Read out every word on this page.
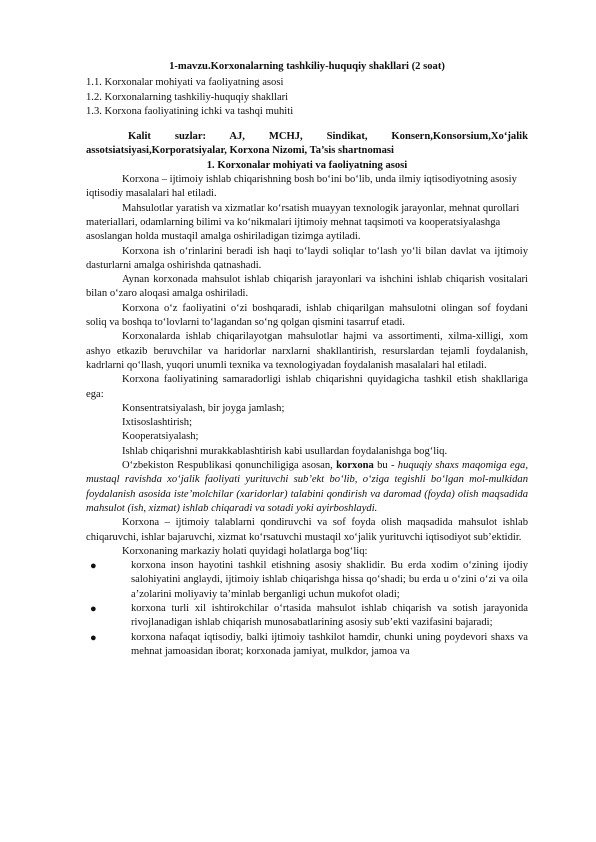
1-mavzu.Korxonalarning tashkiliy-huquqiy shakllari (2 soat)
1.1. Korxonalar mohiyati va faoliyatning asosi
1.2. Korxonalarning tashkiliy-huquqiy shakllari
1.3. Korxona faoliyatining ichki va tashqi muhiti

Kalit suzlar: AJ, MCHJ, Sindikat, Konsern,Konsorsium,Xo‘jalik assotsiatsiyasi,Korporatsiyalar, Korxona Nizomi, Ta’sis shartnomasi

1. Korxonalar mohiyati va faoliyatning asosi

Korxona – ijtimoiy ishlab chiqarishning bosh bo‘ini bo‘lib, unda ilmiy iqtisodiyotning asosiy iqtisodiy masalalari hal etiladi.

Mahsulotlar yaratish va xizmatlar ko‘rsatish muayyan texnologik jarayonlar, mehnat qurollari materiallari, odamlarning bilimi va ko‘nikmalari ijtimoiy mehnat taqsimoti va kooperatsiyalashga asoslangan holda mustaqil amalga oshiriladigan tizimga aytiladi.

Korxona ish o‘rinlarini beradi ish haqi to‘laydi soliqlar to‘lash yo‘li bilan davlat va ijtimoiy dasturlarni amalga oshirishda qatnashadi.

Aynan korxonada mahsulot ishlab chiqarish jarayonlari va ishchini ishlab chiqarish vositalari bilan o‘zaro aloqasi amalga oshiriladi.

Korxona o‘z faoliyatini o‘zi boshqaradi, ishlab chiqarilgan mahsulotni olingan sof foydani soliq va boshqa to‘lovlarni to‘lagandan so‘ng qolgan qismini tasarruf etadi.

Korxonalarda ishlab chiqarilayotgan mahsulotlar hajmi va assortimenti, xilma-xilligi, xom ashyo etkazib beruvchilar va haridorlar narxlarni shakllantirish, resurslardan tejamli foydalanish, kadrlarni qo‘llash, yuqori unumli texnika va texnologiyadan foydalanish masalalari hal etiladi.

Korxona faoliyatining samaradorligi ishlab chiqarishni quyidagicha tashkil etish shakllariga ega:

Konsentratsiyalash, bir joyga jamlash;

Ixtisoslashtirish;

Kooperatsiyalash;

Ishlab chiqarishni murakkablashtirish kabi usullardan foydalanishga bog‘liq.

O‘zbekiston Respublikasi qonunchiligiga asosan, korxona bu - huquqiy shaxs maqomiga ega, mustaql ravishda xo‘jalik faoliyati yurituvchi sub’ekt bo‘lib, o‘ziga tegishli bo‘lgan mol-mulkidan foydalanish asosida iste’molchilar (xaridorlar) talabini qondirish va daromad (foyda) olish maqsadida mahsulot (ish, xizmat) ishlab chiqaradi va sotadi yoki ayirboshlaydi.

Korxona – ijtimoiy talablarni qondiruvchi va sof foyda olish maqsadida mahsulot ishlab chiqaruvchi, ishlar bajaruvchi, xizmat ko‘rsatuvchi mustaqil xo‘jalik yurituvchi iqtisodiyot sub’ektidir.

Korxonaning markaziy holati quyidagi holatlarga bog‘liq:

●	korxona inson hayotini tashkil etishning asosiy shaklidir. Bu erda xodim o‘zining ijodiy salohiyatini anglaydi, ijtimoiy ishlab chiqarishga hissa qo‘shadi; bu erda u o‘zini o‘zi va oila a’zolarini moliyaviy ta’minlab berganligi uchun mukofot oladi;
●	korxona turli xil ishtirokchilar o‘rtasida mahsulot ishlab chiqarish va sotish jarayonida rivojlanadigan ishlab chiqarish munosabatlarining asosiy sub’ekti vazifasini bajaradi;
●	korxona nafaqat iqtisodiy, balki ijtimoiy tashkilot hamdir, chunki uning poydevori shaxs va mehnat jamoasidan iborat; korxonada jamiyat, mulkdor, jamoa va
